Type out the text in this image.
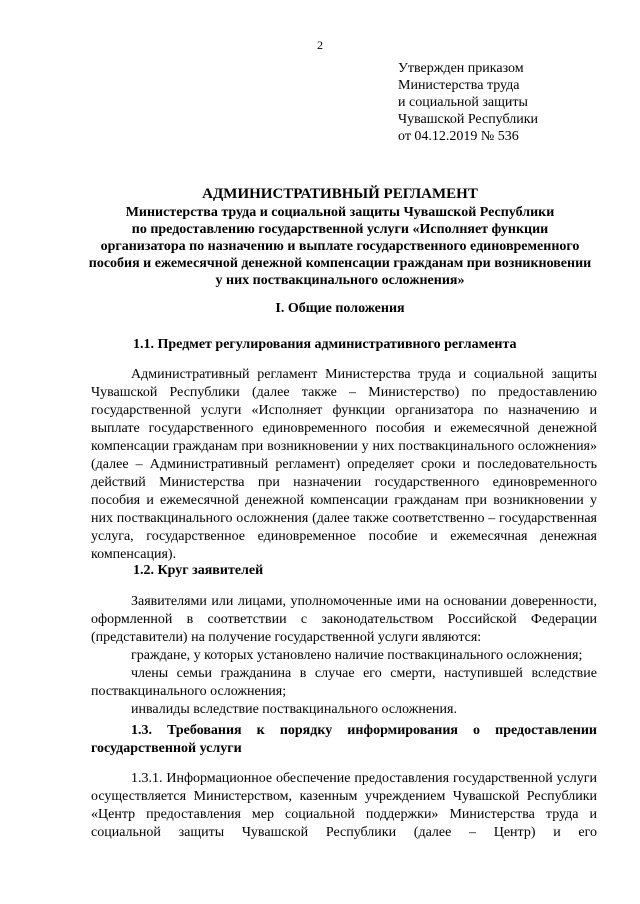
2
Утвержден приказом
Министерства труда
и социальной защиты
Чувашской Республики
от 04.12.2019 № 536
АДМИНИСТРАТИВНЫЙ РЕГЛАМЕНТ
Министерства труда и социальной защиты Чувашской Республики
по предоставлению государственной услуги «Исполняет функции
организатора по назначению и выплате государственного единовременного
пособия и ежемесячной денежной компенсации гражданам при возникновении
у них поствакцинального осложнения»
I. Общие положения
1.1. Предмет регулирования административного регламента

Административный регламент Министерства труда и социальной защиты Чувашской Республики (далее также – Министерство) по предоставлению государственной услуги «Исполняет функции организатора по назначению и выплате государственного единовременного пособия и ежемесячной денежной компенсации гражданам при возникновении у них поствакцинального осложнения» (далее – Административный регламент) определяет сроки и последовательность действий Министерства при назначении государственного единовременного пособия и ежемесячной денежной компенсации гражданам при возникновении у них поствакцинального осложнения (далее также соответственно – государственная услуга, государственное единовременное пособие и ежемесячная денежная компенсация).

1.2. Круг заявителей

Заявителями или лицами, уполномоченные ими на основании доверенности, оформленной в соответствии с законодательством Российской Федерации (представители) на получение государственной услуги являются:

граждане, у которых установлено наличие поствакцинального осложнения;

члены семьи гражданина в случае его смерти, наступившей вследствие поствакцинального осложнения;

инвалиды вследствие поствакцинального осложнения.

1.3. Требования к порядку информирования о предоставлении государственной услуги

1.3.1. Информационное обеспечение предоставления государственной услуги осуществляется Министерством, казенным учреждением Чувашской Республики «Центр предоставления мер социальной поддержки» Министерства труда и социальной защиты Чувашской Республики (далее – Центр) и его
